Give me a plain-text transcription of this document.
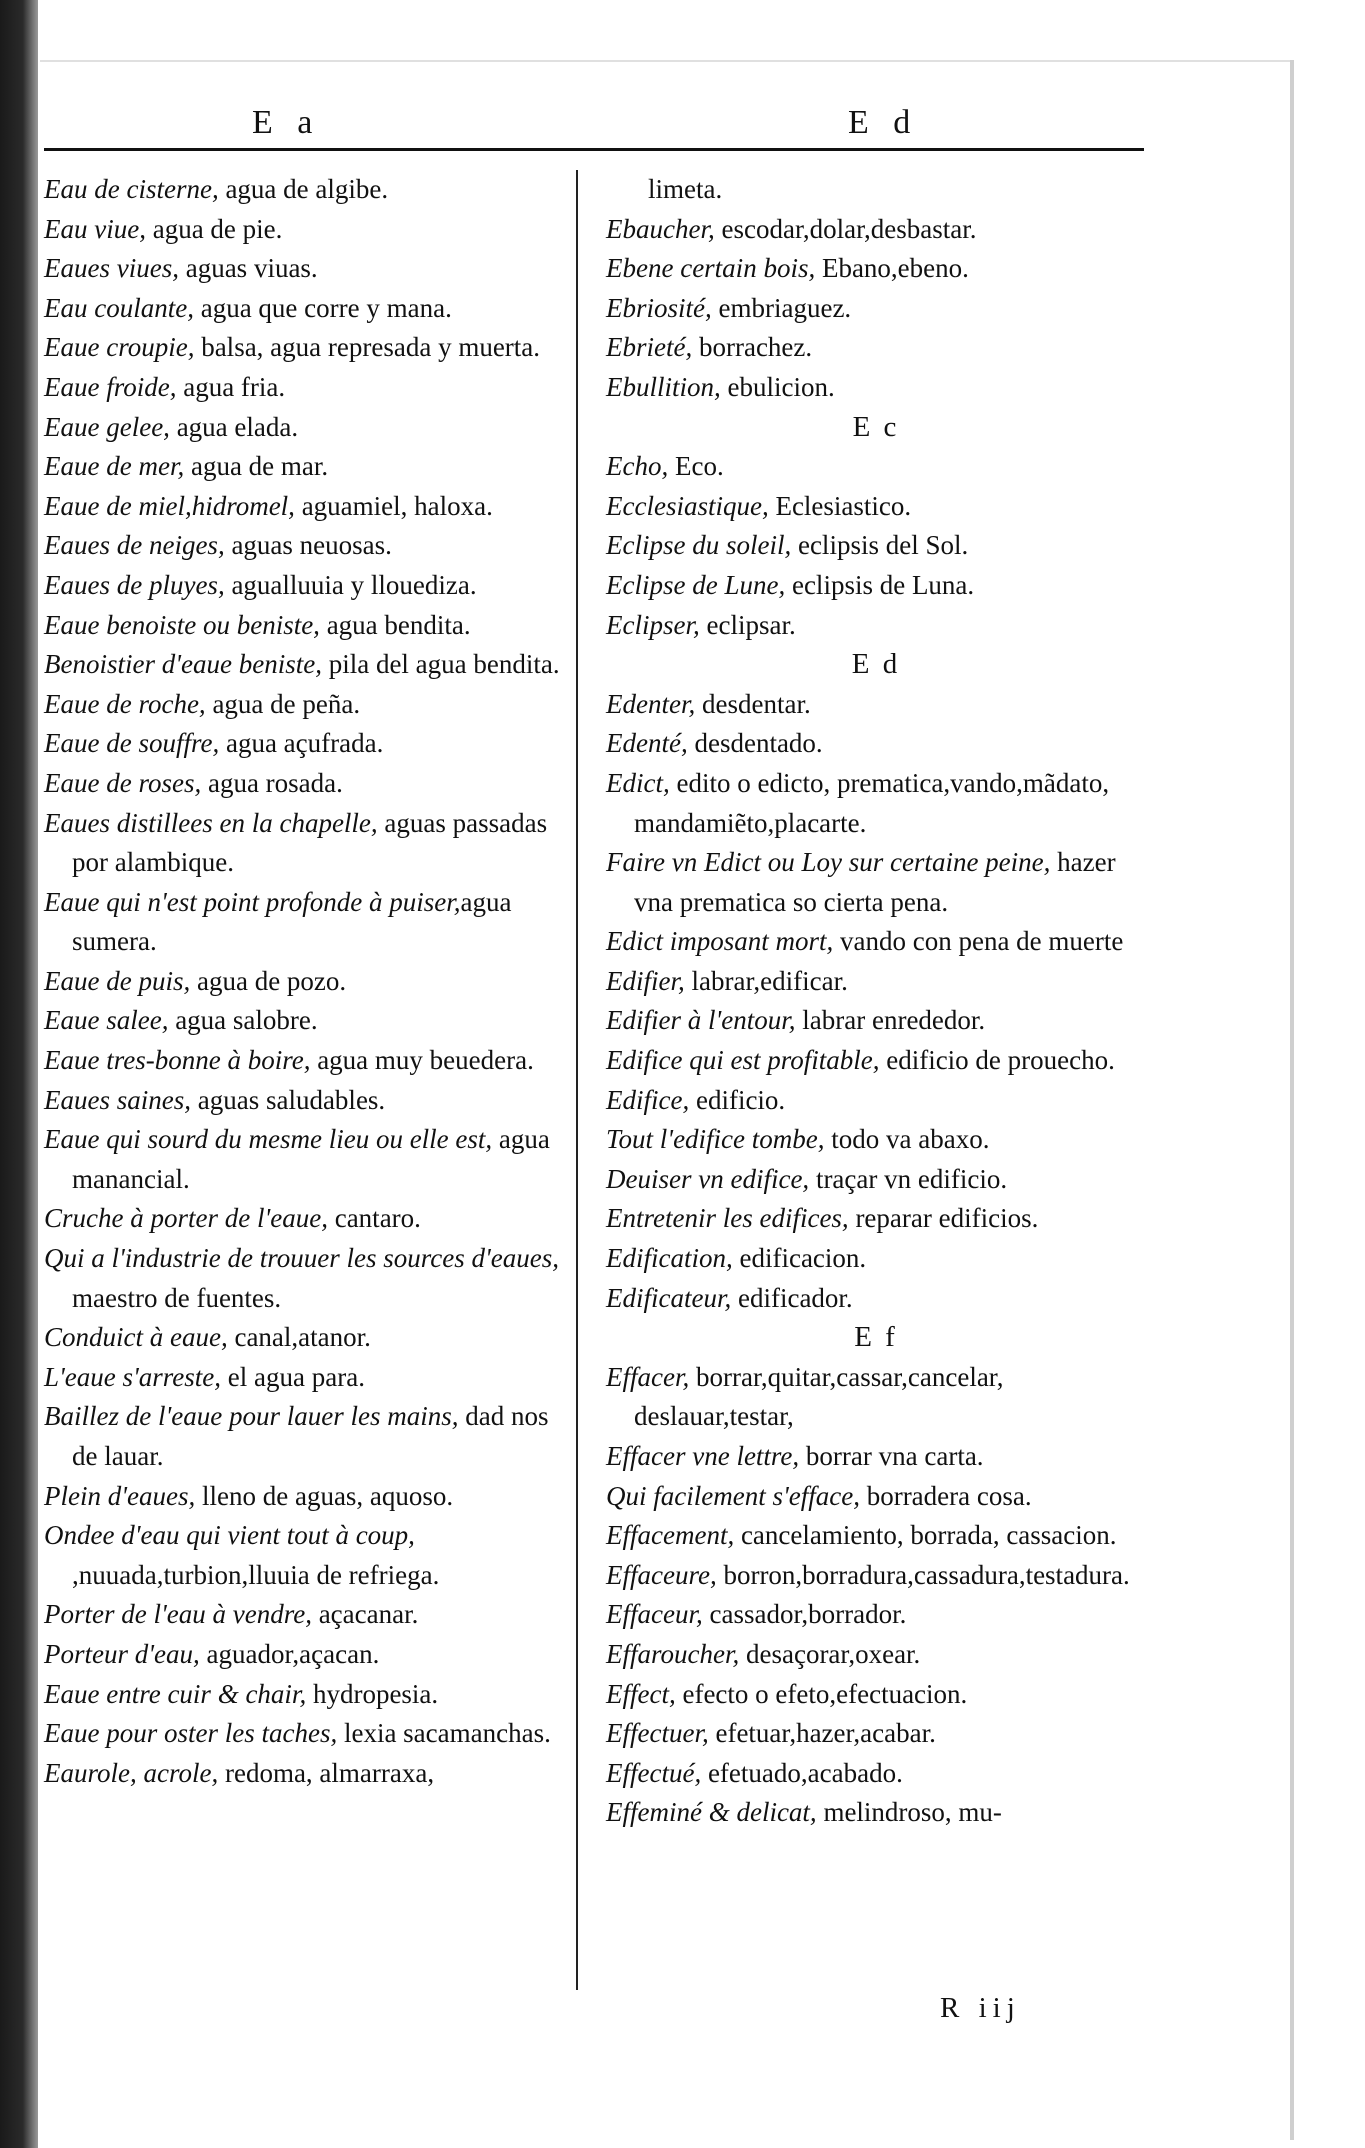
E a	E d

Eau de cisterne, agua de algibe.

Eau viue, agua de pie.

Eaues viues, aguas viuas.

Eau coulante, agua que corre y mana.

Eaue croupie, balsa, agua represada y muerta.

Eaue froide, agua fria.

Eaue gelee, agua elada.

Eaue de mer, agua de mar.

Eaue de miel,hidromel, aguamiel, haloxa.

Eaues de neiges, aguas neuosas.

Eaues de pluyes, agualluuia y llouediza.

Eaue benoiste ou beniste, agua bendita.

Benoistier d'eaue beniste, pila del agua bendita.

Eaue de roche, agua de peña.

Eaue de souffre, agua açufrada.

Eaue de roses, agua rosada.

Eaues distillees en la chapelle, aguas passadas por alambique.

Eaue qui n'est point profonde à puiser,agua sumera.

Eaue de puis, agua de pozo.

Eaue salee, agua salobre.

Eaue tres-bonne à boire, agua muy beuedera.

Eaues saines, aguas saludables.

Eaue qui sourd du mesme lieu ou elle est, agua manancial.

Cruche à porter de l'eaue, cantaro.

Qui a l'industrie de trouuer les sources d'eaues, maestro de fuentes.

Conduict à eaue, canal,atanor.

L'eaue s'arreste, el agua para.

Baillez de l'eaue pour lauer les mains, dad nos de lauar.

Plein d'eaues, lleno de aguas, aquoso.

Ondee d'eau qui vient tout à coup, ,nuuada,turbion,lluuia de refriega.

Porter de l'eau à vendre, açacanar.

Porteur d'eau, aguador,açacan.

Eaue entre cuir & chair, hydropesia.

Eaue pour oster les taches, lexia sacamanchas.

Eaurole, acrole, redoma, almarraxa,

limeta.

Ebaucher, escodar,dolar,desbastar.

Ebene certain bois, Ebano,ebeno.

Ebriosité, embriaguez.

Ebrieté, borrachez.

Ebullition, ebulicion.

E c

Echo, Eco.

Ecclesiastique, Eclesiastico.

Eclipse du soleil, eclipsis del Sol.

Eclipse de Lune, eclipsis de Luna.

Eclipser, eclipsar.

E d

Edenter, desdentar.

Edenté, desdentado.

Edict, edito o edicto, prematica,vando,mãdato, mandamiẽto,placarte.

Faire vn Edict ou Loy sur certaine peine, hazer vna prematica so cierta pena.

Edict imposant mort, vando con pena de muerte

Edifier, labrar,edificar.

Edifier à l'entour, labrar enrededor.

Edifice qui est profitable, edificio de prouecho.

Edifice, edificio.

Tout l'edifice tombe, todo va abaxo.

Deuiser vn edifice, traçar vn edificio.

Entretenir les edifices, reparar edificios.

Edification, edificacion.

Edificateur, edificador.

E f

Effacer, borrar,quitar,cassar,cancelar, deslauar,testar,

Effacer vne lettre, borrar vna carta.

Qui facilement s'efface, borradera cosa.

Effacement, cancelamiento, borrada, cassacion.

Effaceure, borron,borradura,cassadura,testadura.

Effaceur, cassador,borrador.

Effaroucher, desaçorar,oxear.

Effect, efecto o efeto,efectuacion.

Effectuer, efetuar,hazer,acabar.

Effectué, efetuado,acabado.

Effeminé & delicat, melindroso, mu-

R iij
